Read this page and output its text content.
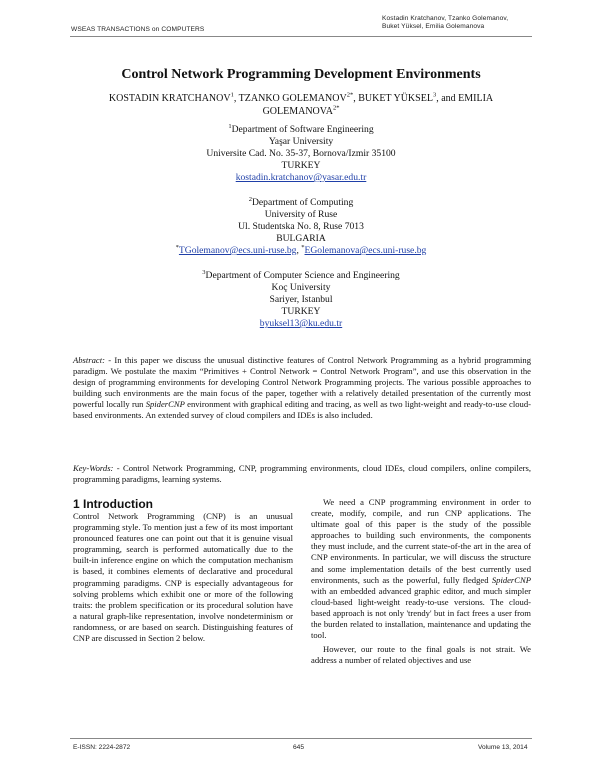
WSEAS TRANSACTIONS on COMPUTERS
Kostadin Kratchanov, Tzanko Golemanov,
Buket Yüksel, Emilia Golemanova
Control Network Programming Development Environments
KOSTADIN KRATCHANOV$^1$, TZANKO $GOLEMANOV^{2*}$, BUKET YÜKSEL$^3$, and EMILIA
$GOLEMANOVA^{2*}$
$^1$Department of Software Engineering
Yaşar University
Universite Cad. No. 35-37, Bornova/Izmir 35100
TURKEY
kostadin.kratchanov@yasar.edu.tr
$^2$Department of Computing
University of Ruse
Ul. Studentska No. 8, Ruse 7013
BULGARIA
*TGolemanov@ecs.uni-ruse.bg, *EGolemanova@ecs.uni-ruse.bg
$^3$Department of Computer Science and Engineering
Koç University
Sariyer, Istanbul
TURKEY
byuksel13@ku.edu.tr
Abstract: - In this paper we discuss the unusual distinctive features of Control Network Programming as a hybrid programming paradigm. We postulate the maxim “Primitives + Control Network = Control Network Program”, and use this observation in the design of programming environments for developing Control Network Programming projects. The various possible approaches to building such environments are the main focus of the paper, together with a relatively detailed presentation of the currently most powerful locally run SpiderCNP environment with graphical editing and tracing, as well as two light-weight and ready-to-use cloud-based environments. An extended survey of cloud compilers and IDEs is also included.
Key-Words: - Control Network Programming, CNP, programming environments, cloud IDEs, cloud compilers, online compilers, programming paradigms, learning systems.
1 Introduction

Control Network Programming (CNP) is an unusual programming style. To mention just a few of its most important pronounced features one can point out that it is genuine visual programming, search is performed automatically due to the built-in inference engine on which the computation mechanism is based, it combines elements of declarative and procedural programming paradigms. CNP is especially advantageous for solving problems which exhibit one or more of the following traits: the problem specification or its procedural solution have a natural graph-like representation, involve nondeterminism or randomness, or are based on search. Distinguishing features of CNP are discussed in Section 2 below.

We need a CNP programming environment in order to create, modify, compile, and run CNP applications. The ultimate goal of this paper is the study of the possible approaches to building such environments, the components they must include, and the current state-of-the art in the area of CNP environments. In particular, we will discuss the structure and some implementation details of the best currently used environments, such as the powerful, fully fledged SpiderCNP with an embedded advanced graphic editor, and much simpler cloud-based light-weight ready-to-use versions. The cloud-based approach is not only 'trendy' but in fact frees a user from the burden related to installation, maintenance and updating the tool.

However, our route to the final goals is not strait. We address a number of related objectives and use

E-ISSN: 2224-2872	645	Volume 13, 2014
